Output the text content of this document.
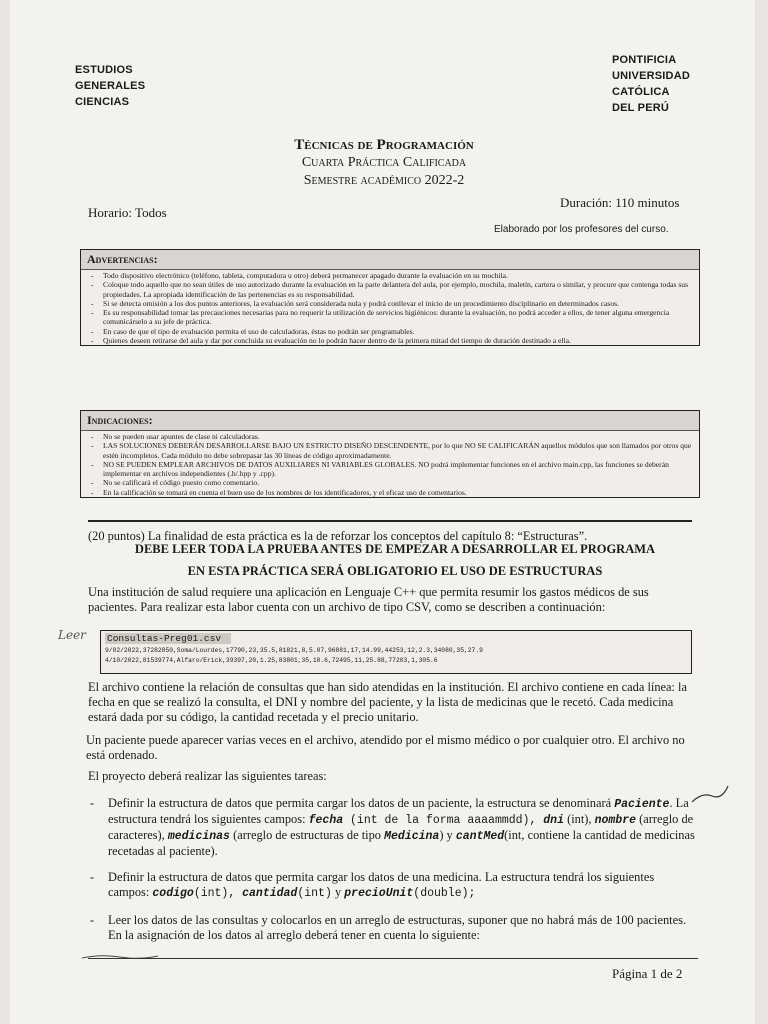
ESTUDIOS
GENERALES
CIENCIAS
PONTIFICIA
UNIVERSIDAD
CATÓLICA
DEL PERÚ
Técnicas de Programación
Cuarta Práctica Calificada
Semestre académico 2022-2
Horario: Todos
Duración: 110 minutos
Elaborado por los profesores del curso.
Advertencias:
- Todo dispositivo electrónico (teléfono, tableta, computadora u otro) deberá permanecer apagado durante la evaluación en su mochila.
- Coloque todo aquello que no sean útiles de uso autorizado durante la evaluación en la parte delantera del aula, por ejemplo, mochila, maletín, cartera o similar, y procure que contenga todas sus propiedades. La apropiada identificación de las pertenencias es su responsabilidad.
- Si se detecta omisión a los dos puntos anteriores, la evaluación será considerada nula y podrá conllevar el inicio de un procedimiento disciplinario en determinados casos.
- Es su responsabilidad tomar las precauciones necesarias para no requerir la utilización de servicios higiénicos: durante la evaluación, no podrá acceder a ellos, de tener alguna emergencia comunicárselo a su jefe de práctica.
- En caso de que el tipo de evaluación permita el uso de calculadoras, éstas no podrán ser programables.
- Quienes deseen retirarse del aula y dar por concluida su evaluación no lo podrán hacer dentro de la primera mitad del tiempo de duración destinado a ella.
Indicaciones:
- No se pueden usar apuntes de clase ni calculadoras.
- LAS SOLUCIONES DEBERÁN DESARROLLARSE BAJO UN ESTRICTO DISEÑO DESCENDENTE, por lo que NO SE CALIFICARÁN aquellos módulos que son llamados por otros que estén incompletos. Cada módulo no debe sobrepasar las 30 líneas de código aproximadamente.
- NO SE PUEDEN EMPLEAR ARCHIVOS DE DATOS AUXILIARES NI VARIABLES GLOBALES. NO podrá implementar funciones en el archivo main.cpp, las funciones se deberán implementar en archivos independientes (.h/.hpp y .cpp).
- No se calificará el código puesto como comentario.
- En la calificación se tomará en cuenta el buen uso de los nombres de los identificadores, y el eficaz uso de comentarios.
(20 puntos) La finalidad de esta práctica es la de reforzar los conceptos del capítulo 8: “Estructuras”.
DEBE LEER TODA LA PRUEBA ANTES DE EMPEZAR A DESARROLLAR EL PROGRAMA
EN ESTA PRÁCTICA SERÁ OBLIGATORIO EL USO DE ESTRUCTURAS
Una institución de salud requiere una aplicación en Lenguaje C++ que permita resumir los gastos médicos de sus pacientes. Para realizar esta labor cuenta con un archivo de tipo CSV, como se describen a continuación:
Leer Consultas-Preg01.csv
9/02/2022,37282850,Soma/Lourdes,17790,23,35.5,81821,8,5.07,96881,17,14.99,44253,12,2.3,34080,35,27.9
4/10/2022,81539774,Alfaro/Erick,39397,20,1.25,83801,35,10.6,72495,11,25.88,77203,1,305.6
El archivo contiene la relación de consultas que han sido atendidas en la institución. El archivo contiene en cada línea: la fecha en que se realizó la consulta, el DNI y nombre del paciente, y la lista de medicinas que le recetó. Cada medicina estará dada por su código, la cantidad recetada y el precio unitario.
Un paciente puede aparecer varias veces en el archivo, atendido por el mismo médico o por cualquier otro. El archivo no está ordenado.
El proyecto deberá realizar las siguientes tareas:
- Definir la estructura de datos que permita cargar los datos de un paciente, la estructura se denominará Paciente. La estructura tendrá los siguientes campos: fecha (int de la forma aaaammdd), dni (int), nombre (arreglo de caracteres), medicinas (arreglo de estructuras de tipo Medicina) y cantMed(int, contiene la cantidad de medicinas recetadas al paciente).
- Definir la estructura de datos que permita cargar los datos de una medicina. La estructura tendrá los siguientes campos: codigo(int), cantidad(int) y precioUnit(double);
- Leer los datos de las consultas y colocarlos en un arreglo de estructuras, suponer que no habrá más de 100 pacientes. En la asignación de los datos al arreglo deberá tener en cuenta lo siguiente:
Página 1 de 2
